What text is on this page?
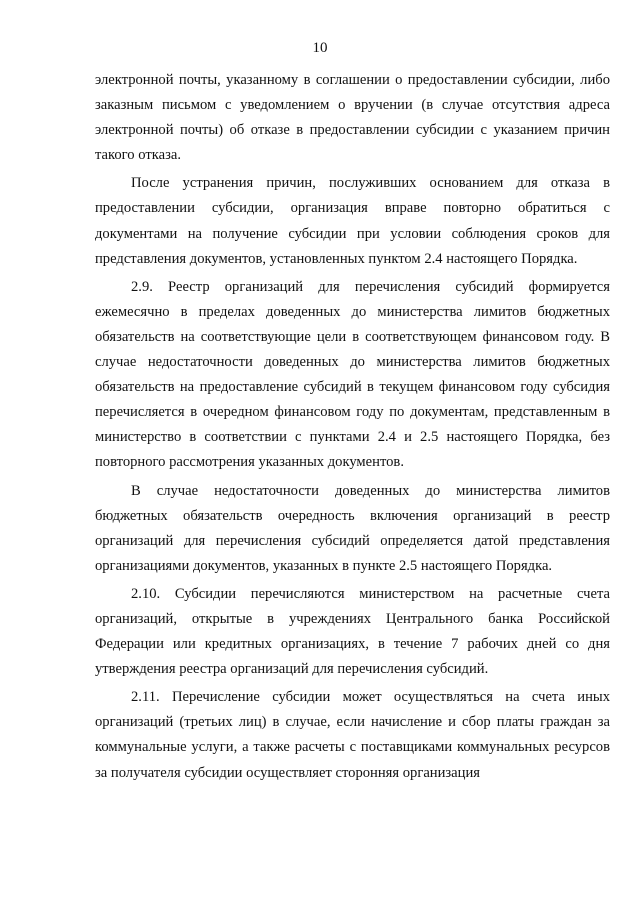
10

электронной почты, указанному в соглашении о предоставлении субсидии, либо заказным письмом с уведомлением о вручении (в случае отсутствия адреса электронной почты) об отказе в предоставлении субсидии с указанием причин такого отказа.

После устранения причин, послуживших основанием для отказа в предоставлении субсидии, организация вправе повторно обратиться с документами на получение субсидии при условии соблюдения сроков для представления документов, установленных пунктом 2.4 настоящего Порядка.

2.9. Реестр организаций для перечисления субсидий формируется ежемесячно в пределах доведенных до министерства лимитов бюджетных обязательств на соответствующие цели в соответствующем финансовом году. В случае недостаточности доведенных до министерства лимитов бюджетных обязательств на предоставление субсидий в текущем финансовом году субсидия перечисляется в очередном финансовом году по документам, представленным в министерство в соответствии с пунктами 2.4 и 2.5 настоящего Порядка, без повторного рассмотрения указанных документов.

В случае недостаточности доведенных до министерства лимитов бюджетных обязательств очередность включения организаций в реестр организаций для перечисления субсидий определяется датой представления организациями документов, указанных в пункте 2.5 настоящего Порядка.

2.10. Субсидии перечисляются министерством на расчетные счета организаций, открытые в учреждениях Центрального банка Российской Федерации или кредитных организациях, в течение 7 рабочих дней со дня утверждения реестра организаций для перечисления субсидий.

2.11. Перечисление субсидии может осуществляться на счета иных организаций (третьих лиц) в случае, если начисление и сбор платы граждан за коммунальные услуги, а также расчеты с поставщиками коммунальных ресурсов за получателя субсидии осуществляет сторонняя организация
